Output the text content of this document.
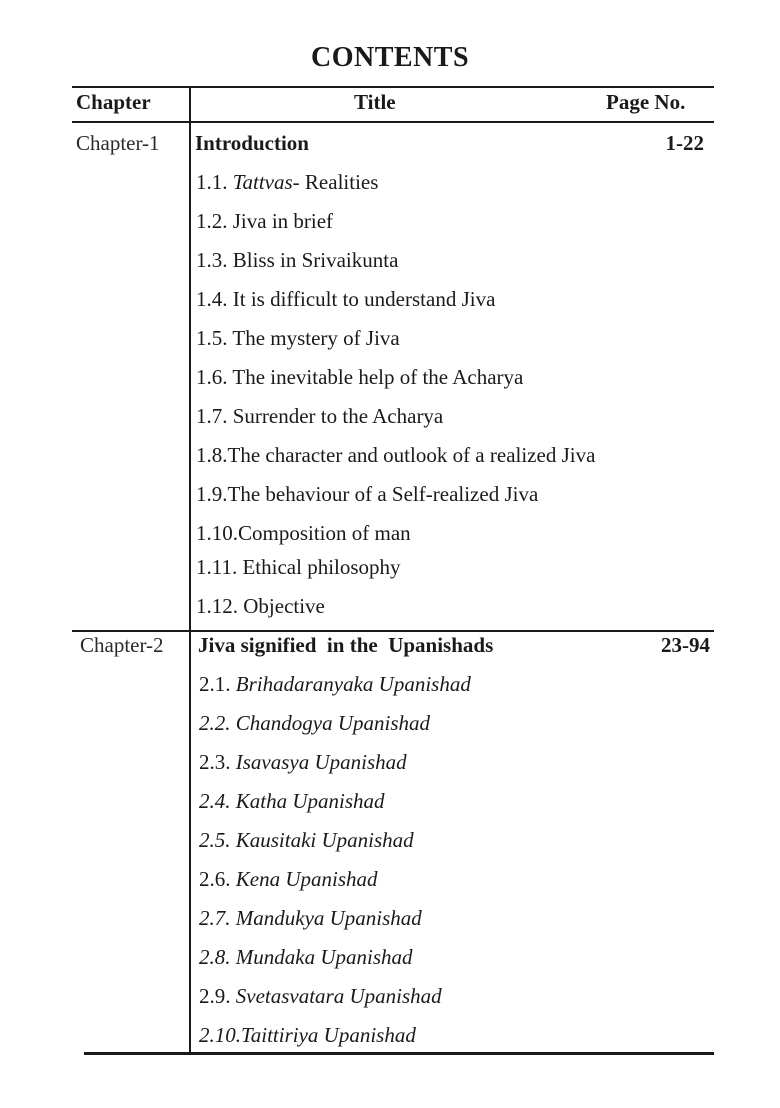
CONTENTS
Chapter	Title	Page No.
Chapter-1 Introduction	1-22
1.1. Tattvas- Realities
1.2. Jiva in brief
1.3. Bliss in Srivaikunta
1.4. It is difficult to understand Jiva
1.5. The mystery of Jiva
1.6. The inevitable help of the Acharya
1.7. Surrender to the Acharya
1.8.The character and outlook of a realized Jiva
1.9.The behaviour of a Self-realized Jiva
1.10.Composition of man
1.11. Ethical philosophy
1.12. Objective
Chapter-2 Jiva signified  in the  Upanishads	23-94
2.1. Brihadaranyaka Upanishad
2.2. Chandogya Upanishad
2.3. Isavasya Upanishad
2.4. Katha Upanishad
2.5. Kausitaki Upanishad
2.6. Kena Upanishad
2.7. Mandukya Upanishad
2.8. Mundaka Upanishad
2.9. Svetasvatara Upanishad
2.10.Taittiriya Upanishad
